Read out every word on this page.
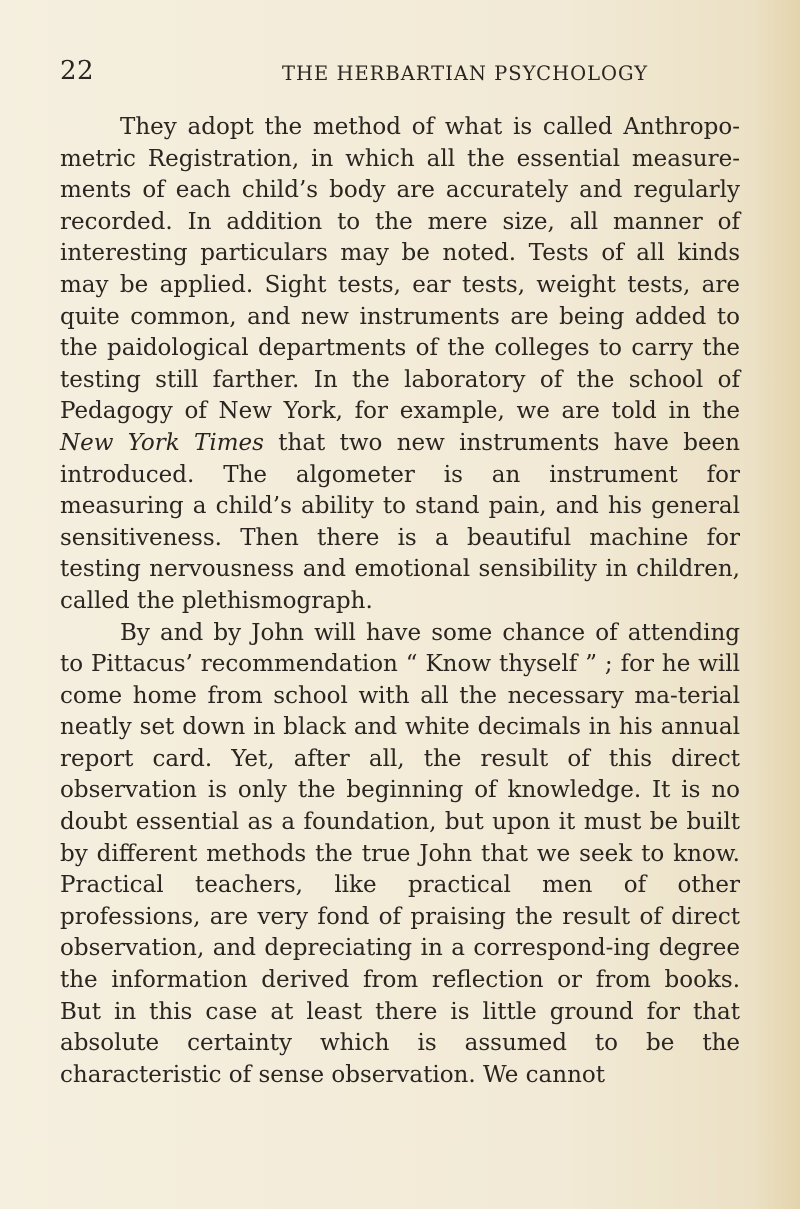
22	THE HERBARTIAN PSYCHOLOGY

They adopt the method of what is called Anthropo-metric Registration, in which all the essential measure-ments of each child’s body are accurately and regularly recorded. In addition to the mere size, all manner of interesting particulars may be noted. Tests of all kinds may be applied. Sight tests, ear tests, weight tests, are quite common, and new instruments are being added to the paidological departments of the colleges to carry the testing still farther. In the laboratory of the school of Pedagogy of New York, for example, we are told in the New York Times that two new instruments have been introduced. The algometer is an instrument for measuring a child’s ability to stand pain, and his general sensitiveness. Then there is a beautiful machine for testing nervousness and emotional sensibility in children, called the plethismograph.

By and by John will have some chance of attending to Pittacus’ recommendation “ Know thyself ” ; for he will come home from school with all the necessary ma-terial neatly set down in black and white decimals in his annual report card. Yet, after all, the result of this direct observation is only the beginning of knowledge. It is no doubt essential as a foundation, but upon it must be built by different methods the true John that we seek to know. Practical teachers, like practical men of other professions, are very fond of praising the result of direct observation, and depreciating in a correspond-ing degree the information derived from reflection or from books. But in this case at least there is little ground for that absolute certainty which is assumed to be the characteristic of sense observation. We cannot
